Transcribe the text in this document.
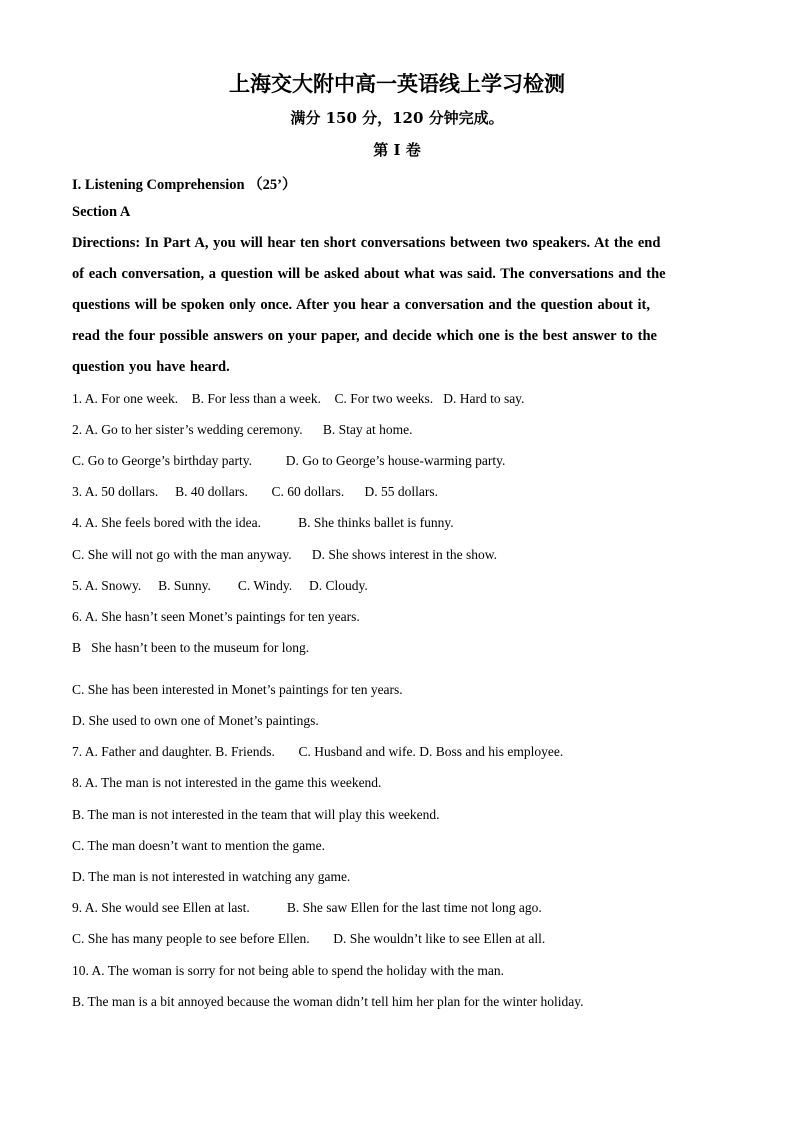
上海交大附中高一英语线上学习检测
满分 150 分，120 分钟完成。
第 I 卷
I. Listening Comprehension （25’）
Section A
Directions: In Part A, you will hear ten short conversations between two speakers. At the end
of each conversation, a question will be asked about what was said. The conversations and the
questions will be spoken only once. After you hear a conversation and the question about it,
read the four possible answers on your paper, and decide which one is the best answer to the
question you have heard.
1. A. For one week.    B. For less than a week.    C. For two weeks.   D. Hard to say.
2. A. Go to her sister’s wedding ceremony.      B. Stay at home.
C. Go to George’s birthday party.          D. Go to George’s house-warming party.
3. A. 50 dollars.     B. 40 dollars.       C. 60 dollars.      D. 55 dollars.
4. A. She feels bored with the idea.           B. She thinks ballet is funny.
C. She will not go with the man anyway.      D. She shows interest in the show.
5. A. Snowy.     B. Sunny.        C. Windy.     D. Cloudy.
6. A. She hasn’t seen Monet’s paintings for ten years.
B   She hasn’t been to the museum for long.
C. She has been interested in Monet’s paintings for ten years.
D. She used to own one of Monet’s paintings.
7. A. Father and daughter. B. Friends.       C. Husband and wife. D. Boss and his employee.
8. A. The man is not interested in the game this weekend.
B. The man is not interested in the team that will play this weekend.
C. The man doesn’t want to mention the game.
D. The man is not interested in watching any game.
9. A. She would see Ellen at last.           B. She saw Ellen for the last time not long ago.
C. She has many people to see before Ellen.       D. She wouldn’t like to see Ellen at all.
10. A. The woman is sorry for not being able to spend the holiday with the man.
B. The man is a bit annoyed because the woman didn’t tell him her plan for the winter holiday.
